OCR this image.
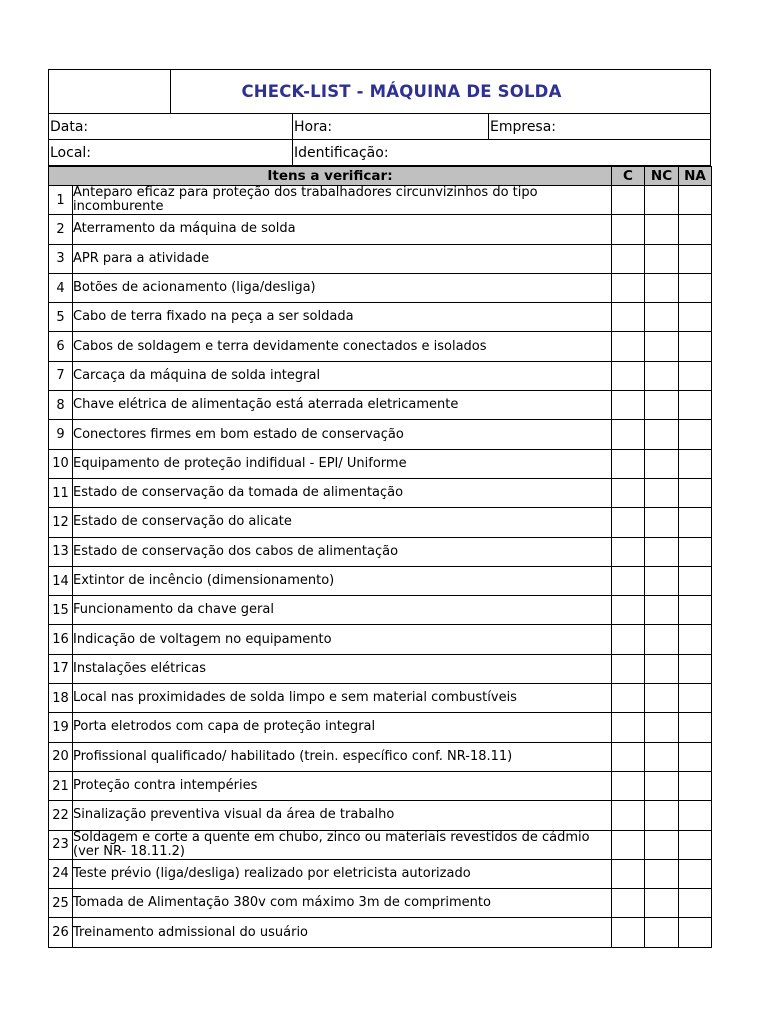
CHECK-LIST - MÁQUINA DE SOLDA
Data:	Hora:	Empresa:
Local:	Identificação:
Itens a verificar:		C	NC	NA
1	Anteparo eficaz para proteção dos trabalhadores circunvizinhos do tipo incomburente			
2	Aterramento da máquina de solda			
3	APR para a atividade			
4	Botões de acionamento (liga/desliga)			
5	Cabo de terra fixado na peça a ser soldada			
6	Cabos de soldagem e terra devidamente conectados e isolados			
7	Carcaça da máquina de solda integral			
8	Chave elétrica de alimentação está aterrada eletricamente			
9	Conectores firmes em bom estado de conservação			
10	Equipamento de proteção indifidual - EPI/ Uniforme			
11	Estado de conservação da tomada de alimentação			
12	Estado de conservação do alicate			
13	Estado de conservação dos cabos de alimentação			
14	Extintor de incêncio (dimensionamento)			
15	Funcionamento da chave geral			
16	Indicação de voltagem no equipamento			
17	Instalações elétricas			
18	Local nas proximidades de solda limpo e sem material combustíveis			
19	Porta eletrodos com capa de proteção integral			
20	Profissional qualificado/ habilitado (trein. específico conf. NR-18.11)			
21	Proteção contra intempéries			
22	Sinalização preventiva visual da área de trabalho			
23	Soldagem e corte a quente em chubo, zinco ou materiais revestidos de cádmio (ver NR- 18.11.2)			
24	Teste prévio (liga/desliga) realizado por eletricista autorizado			
25	Tomada de Alimentação 380v com máximo 3m de comprimento			
26	Treinamento admissional do usuário			
